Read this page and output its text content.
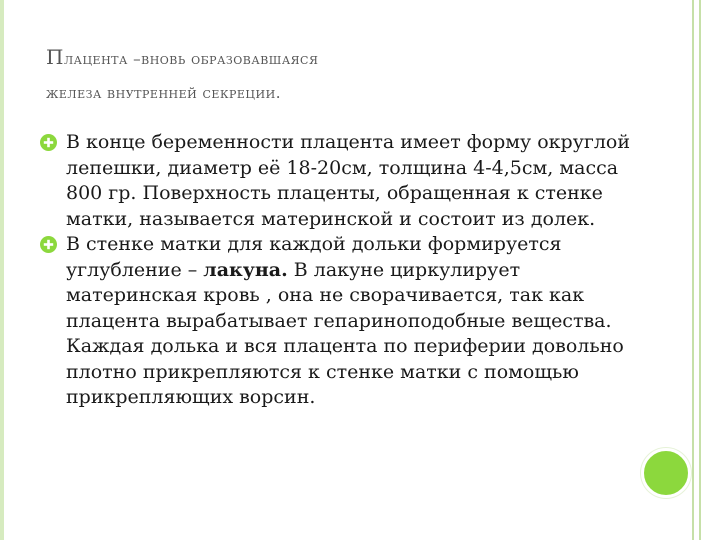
Плацента –вновь образовавшаяся
железа внутренней секреции.
В конце беременности плацента имеет форму округлой лепешки, диаметр её 18-20см, толщина 4-4,5см, масса 800 гр. Поверхность плаценты, обращенная к стенке матки, называется материнской и состоит из долек.
В стенке матки для каждой дольки формируется углубление – лакуна. В лакуне циркулирует материнская кровь , она не сворачивается, так как плацента вырабатывает гепариноподобные вещества. Каждая долька и вся плацента по периферии довольно плотно прикрепляются к стенке матки с помощью прикрепляющих ворсин.
